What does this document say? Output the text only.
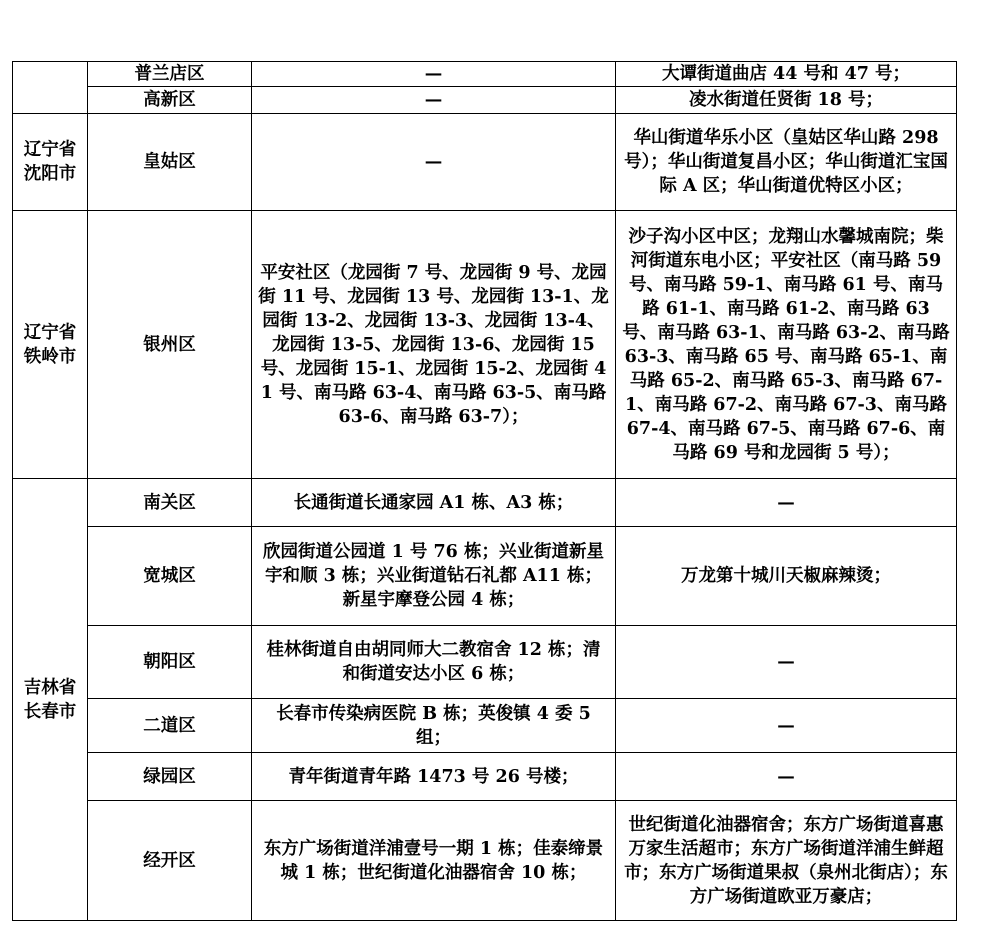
	普兰店区	—	大谭街道曲店 44 号和 47 号；
	高新区	—	凌水街道任贤街 18 号；
辽宁省沈阳市	皇姑区	—	华山街道华乐小区（皇姑区华山路 298 号）；华山街道复昌小区；华山街道汇宝国际 A 区；华山街道优特区小区；
辽宁省铁岭市	银州区	平安社区（龙园街 7 号、龙园街 9 号、龙园街 11 号、龙园街 13 号、龙园街 13-1、龙园街 13-2、龙园街 13-3、龙园街 13-4、龙园街 13-5、龙园街 13-6、龙园街 15 号、龙园街 15-1、龙园街 15-2、龙园街 41 号、南马路 63-4、南马路 63-5、南马路 63-6、南马路 63-7）；	沙子沟小区中区；龙翔山水馨城南院；柴河街道东电小区；平安社区（南马路 59 号、南马路 59-1、南马路 61 号、南马路 61-1、南马路 61-2、南马路 63 号、南马路 63-1、南马路 63-2、南马路 63-3、南马路 65 号、南马路 65-1、南马路 65-2、南马路 65-3、南马路 67-1、南马路 67-2、南马路 67-3、南马路 67-4、南马路 67-5、南马路 67-6、南马路 69 号和龙园街 5 号）；
吉林省长春市	南关区	长通街道长通家园 A1 栋、A3 栋；	—
	宽城区	欣园街道公园道 1 号 76 栋；兴业街道新星宇和顺 3 栋；兴业街道钻石礼都 A11 栋；新星宇摩登公园 4 栋；	万龙第十城川天椒麻辣烫；
	朝阳区	桂林街道自由胡同师大二教宿舍 12 栋；清和街道安达小区 6 栋；	—
	二道区	长春市传染病医院 B 栋；英俊镇 4 委 5 组；	—
	绿园区	青年街道青年路 1473 号 26 号楼；	—
	经开区	东方广场街道洋浦壹号一期 1 栋；佳泰缔景城 1 栋；世纪街道化油器宿舍 10 栋；	世纪街道化油器宿舍；东方广场街道喜惠万家生活超市；东方广场街道洋浦生鲜超市；东方广场街道果叔（泉州北街店）；东方广场街道欧亚万豪店；
